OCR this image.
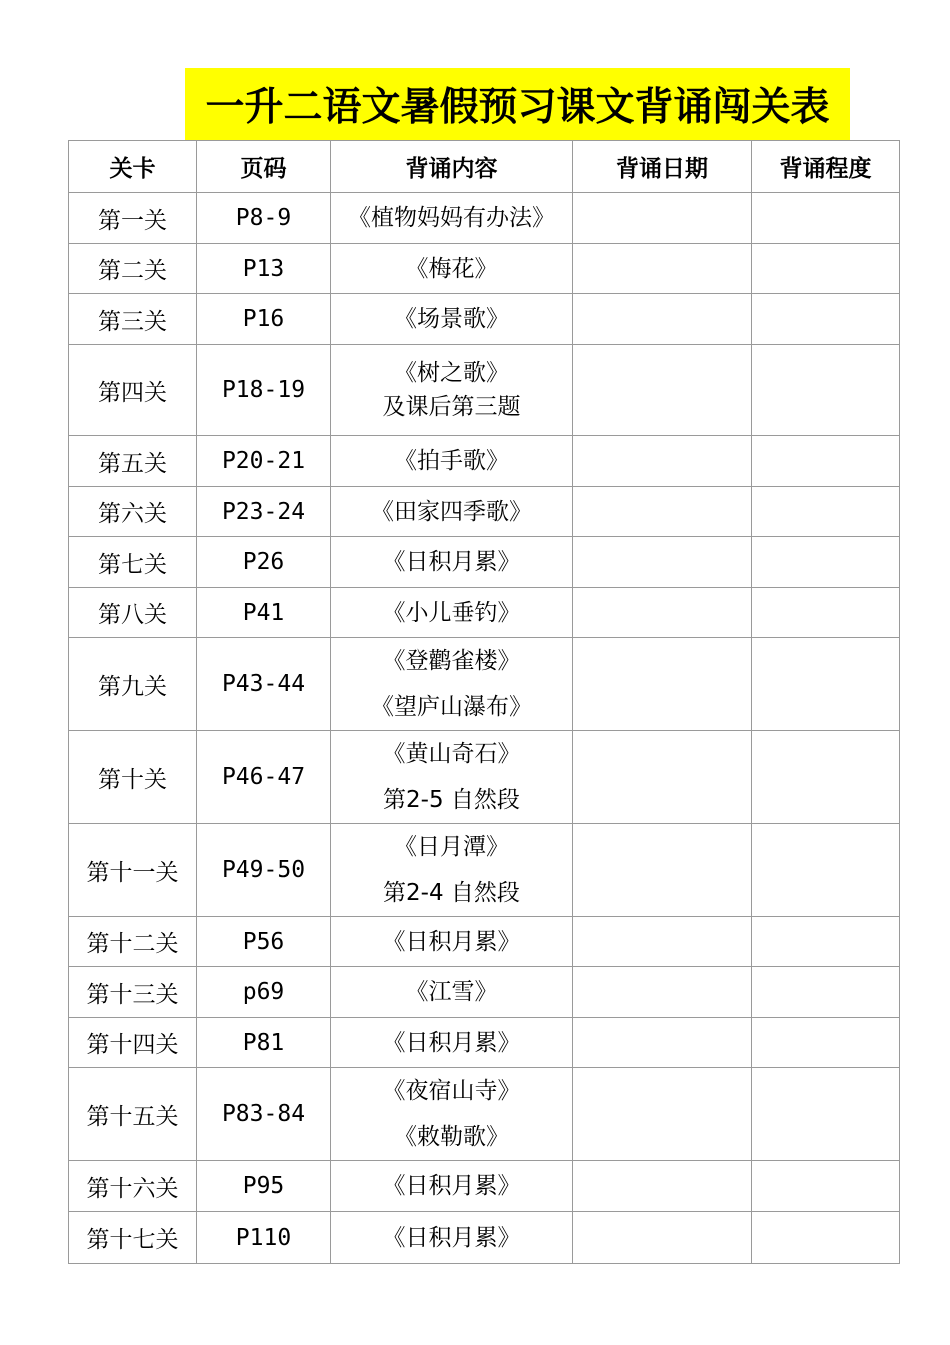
一升二语文暑假预习课文背诵闯关表
关卡	页码	背诵内容	背诵日期	背诵程度
第一关	P8-9	《植物妈妈有办法》		

第二关	P13	《梅花》		

第三关	P16	《场景歌》		

第四关	P18-19	《树之歌》
及课后第三题		

第五关	P20-21	《拍手歌》		

第六关	P23-24	《田家四季歌》		

第七关	P26	《日积月累》		

第八关	P41	《小儿垂钓》		

第九关	P43-44	《登鹳雀楼》
《望庐山瀑布》		

第十关	P46-47	《黄山奇石》
第2-5 自然段		

第十一关	P49-50	《日月潭》
第2-4 自然段		

第十二关	P56	《日积月累》		

第十三关	p69	《江雪》		

第十四关	P81	《日积月累》		

第十五关	P83-84	《夜宿山寺》
《敕勒歌》		

第十六关	P95	《日积月累》		

第十七关	P110	《日积月累》		
